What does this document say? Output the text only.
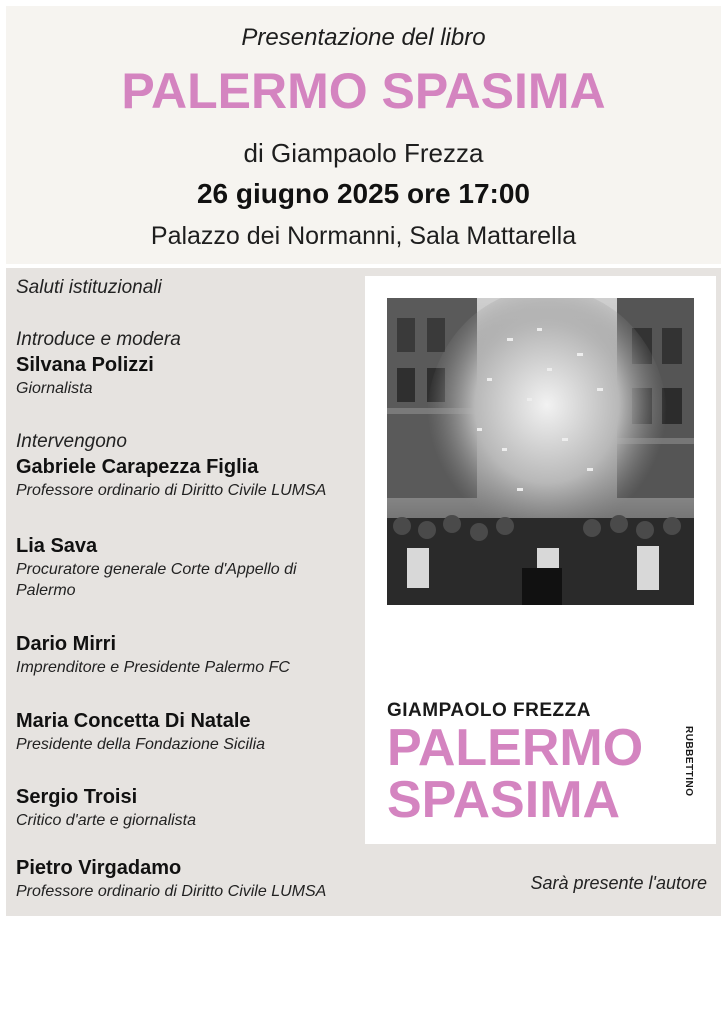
Presentazione del libro
PALERMO SPASIMA
di Giampaolo Frezza
26 giugno 2025 ore 17:00
Palazzo dei Normanni, Sala Mattarella
Saluti istituzionali
Introduce e modera
Silvana Polizzi
Giornalista
Intervengono
Gabriele Carapezza Figlia
Professore ordinario di Diritto Civile LUMSA
Lia Sava
Procuratore generale Corte d'Appello di
Palermo
Dario Mirri
Imprenditore e Presidente Palermo FC
Maria Concetta Di Natale
Presidente della Fondazione Sicilia
Sergio Troisi
Critico d'arte e giornalista
Pietro Virgadamo
Professore ordinario di Diritto Civile LUMSA
GIAMPAOLO FREZZA
PALERMO
SPASIMA
RUBBETTINO
Sarà presente l'autore
